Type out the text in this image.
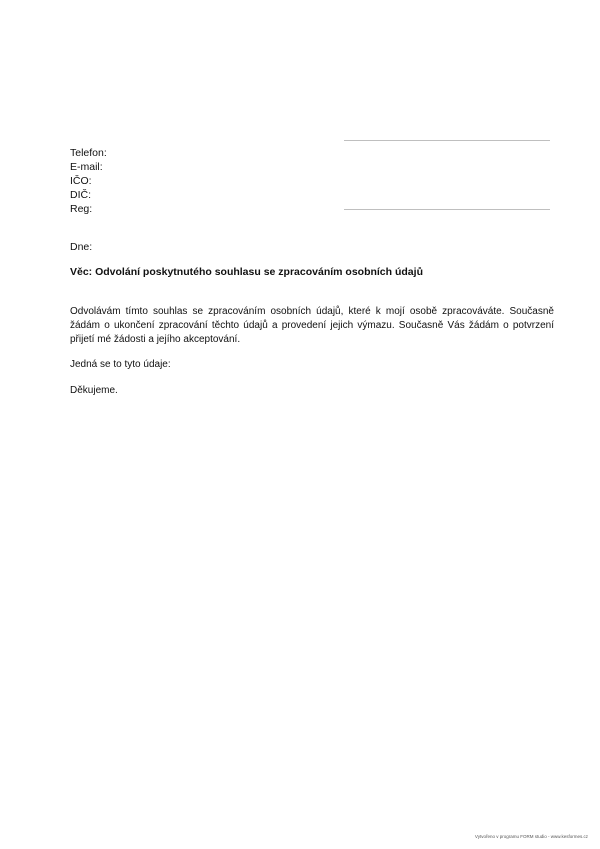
Telefon:
E-mail:
IČO:
DIČ:
Reg:
Dne:
Věc: Odvolání poskytnutého souhlasu se zpracováním osobních údajů

Odvolávám tímto souhlas se zpracováním osobních údajů, které k mojí osobě zpracováváte. Současně
žádám o ukončení zpracování těchto údajů a provedení jejich výmazu. Současně Vás žádám o potvrzení
přijetí mé žádosti a jejího akceptování.

Jedná se to tyto údaje:

Děkujeme.

Vytvořeno v programu FORM studio - www.kesformes.cz
